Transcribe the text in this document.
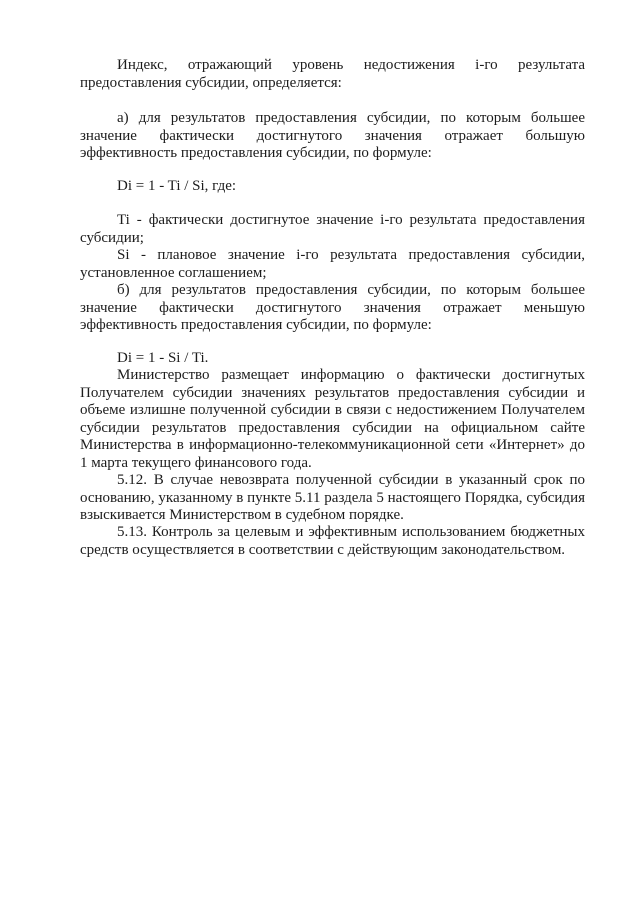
Индекс, отражающий уровень недостижения i-го результата предоставления субсидии, определяется:

а) для результатов предоставления субсидии, по которым большее значение фактически достигнутого значения отражает большую эффективность предоставления субсидии, по формуле:

Di = 1 - Ti / Si, где:

Ti - фактически достигнутое значение i-го результата предоставления субсидии;

Si - плановое значение i-го результата предоставления субсидии, установленное соглашением;

б) для результатов предоставления субсидии, по которым большее значение фактически достигнутого значения отражает меньшую эффективность предоставления субсидии, по формуле:

Di = 1 - Si / Ti.

Министерство размещает информацию о фактически достигнутых Получателем субсидии значениях результатов предоставления субсидии и объеме излишне полученной субсидии в связи с недостижением Получателем субсидии результатов предоставления субсидии на официальном сайте Министерства в информационно-телекоммуникационной сети «Интернет» до 1 марта текущего финансового года.

5.12. В случае невозврата полученной субсидии в указанный срок по основанию, указанному в пункте 5.11 раздела 5 настоящего Порядка, субсидия взыскивается Министерством в судебном порядке.

5.13. Контроль за целевым и эффективным использованием бюджетных средств осуществляется в соответствии с действующим законодательством.
